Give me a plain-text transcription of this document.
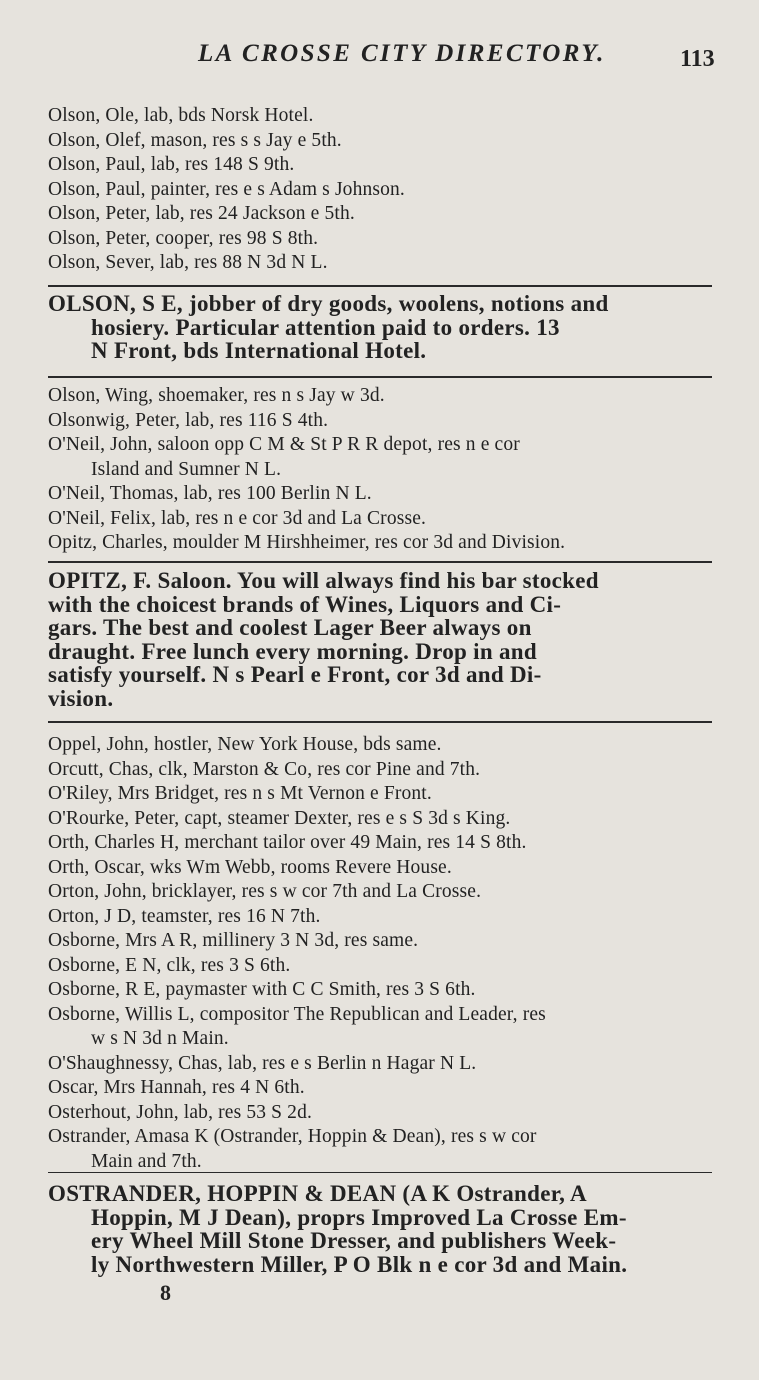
LA CROSSE CITY DIRECTORY.	113
Olson, Ole, lab, bds Norsk Hotel.
Olson, Olef, mason, res s s Jay e 5th.
Olson, Paul, lab, res 148 S 9th.
Olson, Paul, painter, res e s Adam s Johnson.
Olson, Peter, lab, res 24 Jackson e 5th.
Olson, Peter, cooper, res 98 S 8th.
Olson, Sever, lab, res 88 N 3d N L.
OLSON, S E, jobber of dry goods, woolens, notions and
hosiery. Particular attention paid to orders. 13
N Front, bds International Hotel.
Olson, Wing, shoemaker, res n s Jay w 3d.
Olsonwig, Peter, lab, res 116 S 4th.
O'Neil, John, saloon opp C M & St P R R depot, res n e cor
Island and Sumner N L.
O'Neil, Thomas, lab, res 100 Berlin N L.
O'Neil, Felix, lab, res n e cor 3d and La Crosse.
Opitz, Charles, moulder M Hirshheimer, res cor 3d and Division.
OPITZ, F. Saloon. You will always find his bar stocked
with the choicest brands of Wines, Liquors and Ci-
gars. The best and coolest Lager Beer always on
draught. Free lunch every morning. Drop in and
satisfy yourself. N s Pearl e Front, cor 3d and Di-
vision.
Oppel, John, hostler, New York House, bds same.
Orcutt, Chas, clk, Marston & Co, res cor Pine and 7th.
O'Riley, Mrs Bridget, res n s Mt Vernon e Front.
O'Rourke, Peter, capt, steamer Dexter, res e s S 3d s King.
Orth, Charles H, merchant tailor over 49 Main, res 14 S 8th.
Orth, Oscar, wks Wm Webb, rooms Revere House.
Orton, John, bricklayer, res s w cor 7th and La Crosse.
Orton, J D, teamster, res 16 N 7th.
Osborne, Mrs A R, millinery 3 N 3d, res same.
Osborne, E N, clk, res 3 S 6th.
Osborne, R E, paymaster with C C Smith, res 3 S 6th.
Osborne, Willis L, compositor The Republican and Leader, res
w s N 3d n Main.
O'Shaughnessy, Chas, lab, res e s Berlin n Hagar N L.
Oscar, Mrs Hannah, res 4 N 6th.
Osterhout, John, lab, res 53 S 2d.
Ostrander, Amasa K (Ostrander, Hoppin & Dean), res s w cor
Main and 7th.
OSTRANDER, HOPPIN & DEAN (A K Ostrander, A
Hoppin, M J Dean), proprs Improved La Crosse Em-
ery Wheel Mill Stone Dresser, and publishers Week-
ly Northwestern Miller, P O Blk n e cor 3d and Main.
8
